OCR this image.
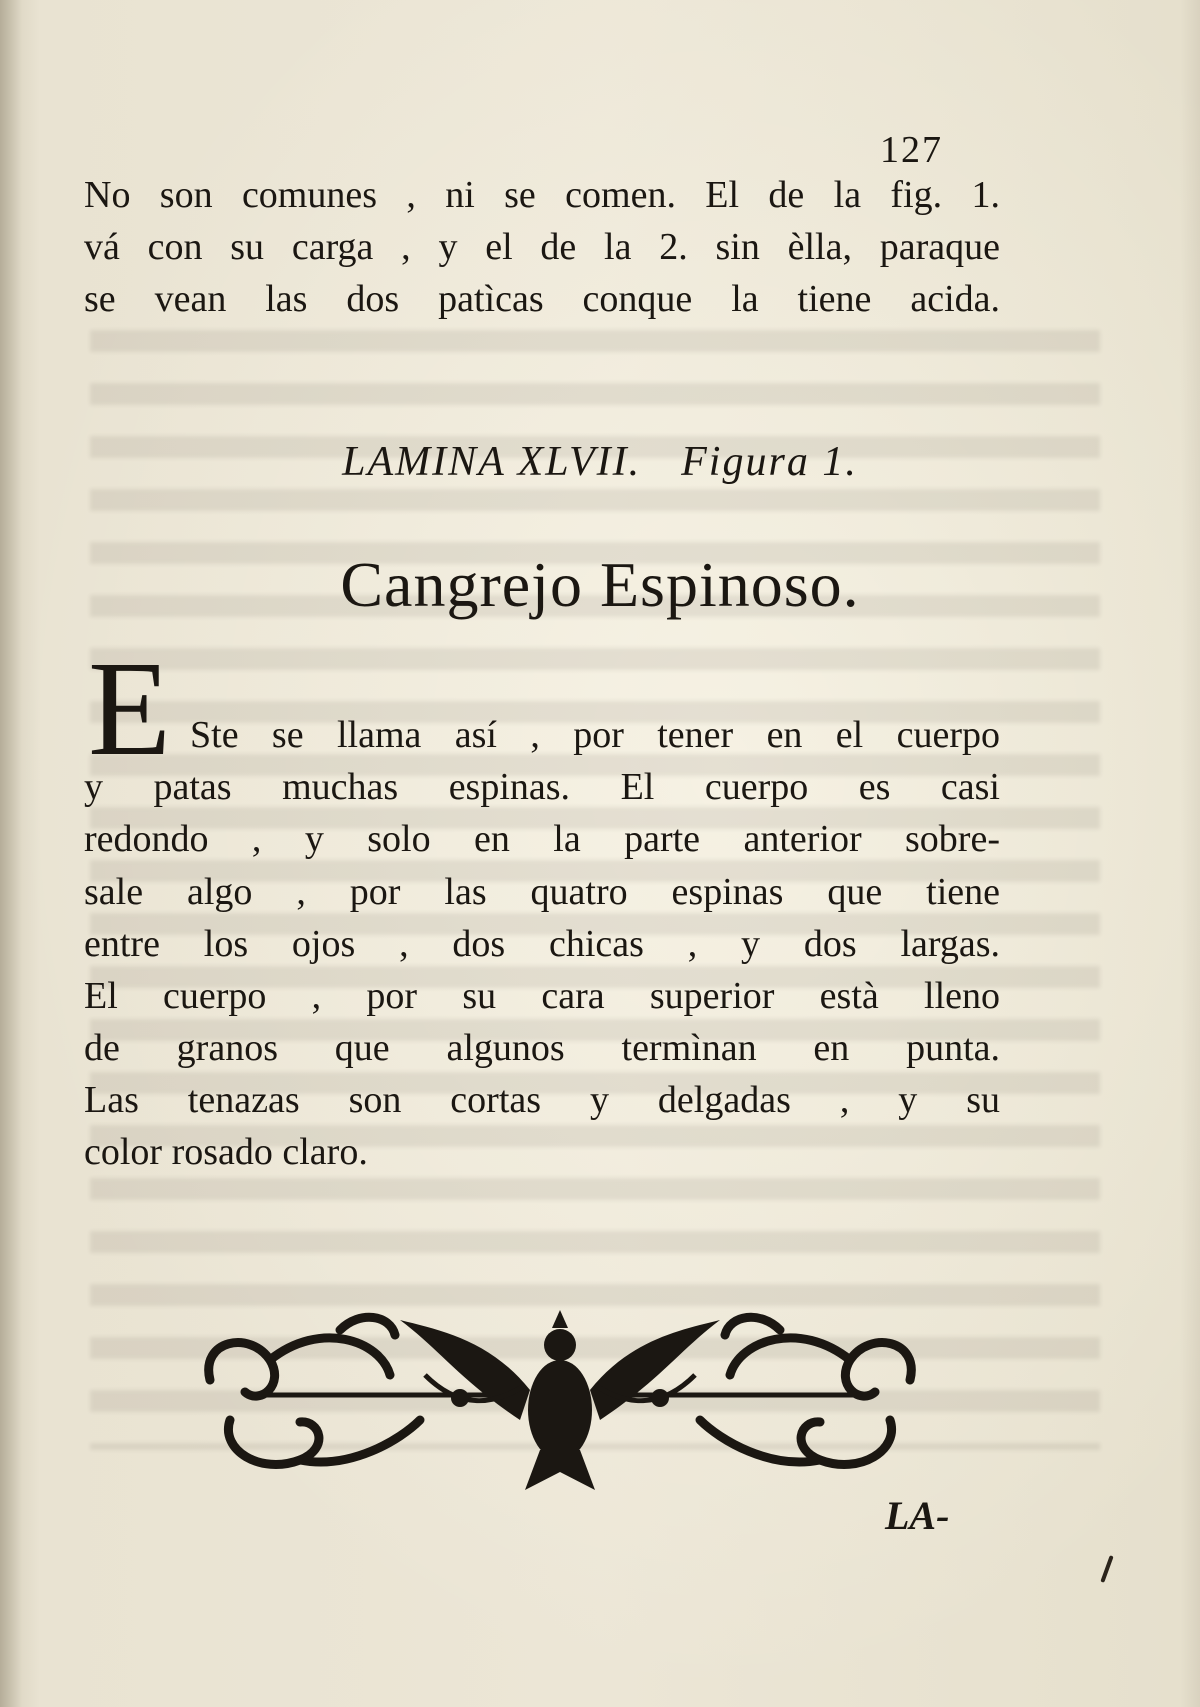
127
No son comunes , ni se comen. El de la fig. 1.
vá con su carga , y el de la 2. sin èlla, paraque
se vean las dos patìcas conque la tiene acida.
LAMINA XLVII. Figura 1.
Cangrejo Espinoso.
E Ste se llama así , por tener en el cuerpo
y patas muchas espinas. El cuerpo es casi
redondo , y solo en la parte anterior sobre-
sale algo , por las quatro espinas que tiene
entre los ojos , dos chicas , y dos largas.
El cuerpo , por su cara superior està lleno
de granos que algunos termìnan en punta.
Las tenazas son cortas y delgadas , y su
color rosado claro.
LA-
